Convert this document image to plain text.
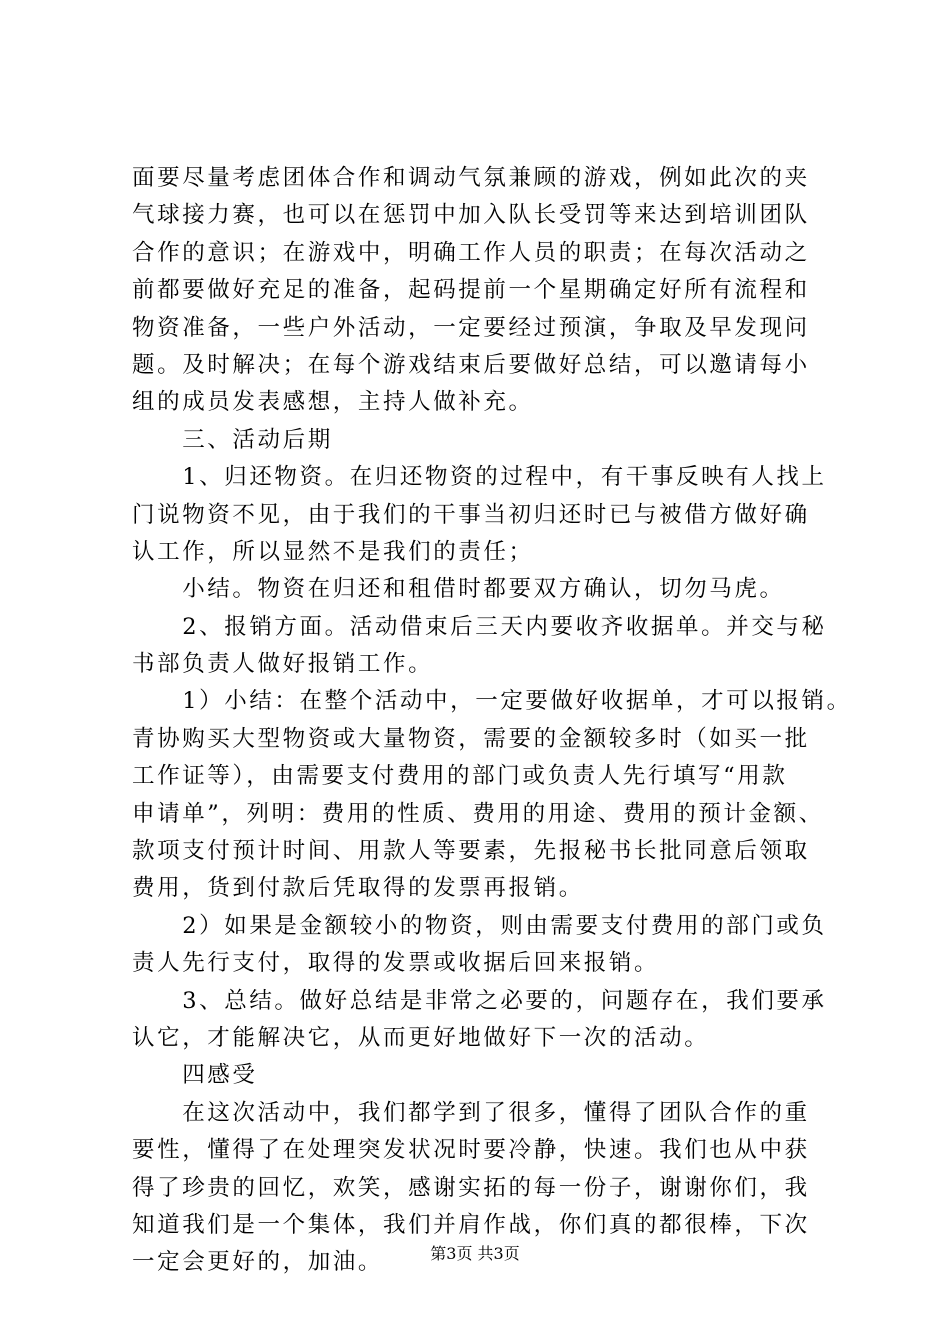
面要尽量考虑团体合作和调动气氛兼顾的游戏，例如此次的夹
气球接力赛，也可以在惩罚中加入队长受罚等来达到培训团队
合作的意识；在游戏中，明确工作人员的职责；在每次活动之
前都要做好充足的准备，起码提前一个星期确定好所有流程和
物资准备，一些户外活动，一定要经过预演，争取及早发现问
题。及时解决；在每个游戏结束后要做好总结，可以邀请每小
组的成员发表感想，主持人做补充。
　　三、活动后期
　　1、归还物资。在归还物资的过程中，有干事反映有人找上
门说物资不见，由于我们的干事当初归还时已与被借方做好确
认工作，所以显然不是我们的责任；
　　小结。物资在归还和租借时都要双方确认，切勿马虎。
　　2、报销方面。活动借束后三天内要收齐收据单。并交与秘
书部负责人做好报销工作。
　　1）小结：在整个活动中，一定要做好收据单，才可以报销。
青协购买大型物资或大量物资，需要的金额较多时（如买一批
工作证等），由需要支付费用的部门或负责人先行填写“用款
申请单”，列明：费用的性质、费用的用途、费用的预计金额、
款项支付预计时间、用款人等要素，先报秘书长批同意后领取
费用，货到付款后凭取得的发票再报销。
　　2）如果是金额较小的物资，则由需要支付费用的部门或负
责人先行支付，取得的发票或收据后回来报销。
　　3、总结。做好总结是非常之必要的，问题存在，我们要承
认它，才能解决它，从而更好地做好下一次的活动。
　　四感受
　　在这次活动中，我们都学到了很多，懂得了团队合作的重
要性，懂得了在处理突发状况时要冷静，快速。我们也从中获
得了珍贵的回忆，欢笑，感谢实拓的每一份子，谢谢你们，我
知道我们是一个集体，我们并肩作战，你们真的都很棒，下次
一定会更好的，加油。	第3页 共3页
